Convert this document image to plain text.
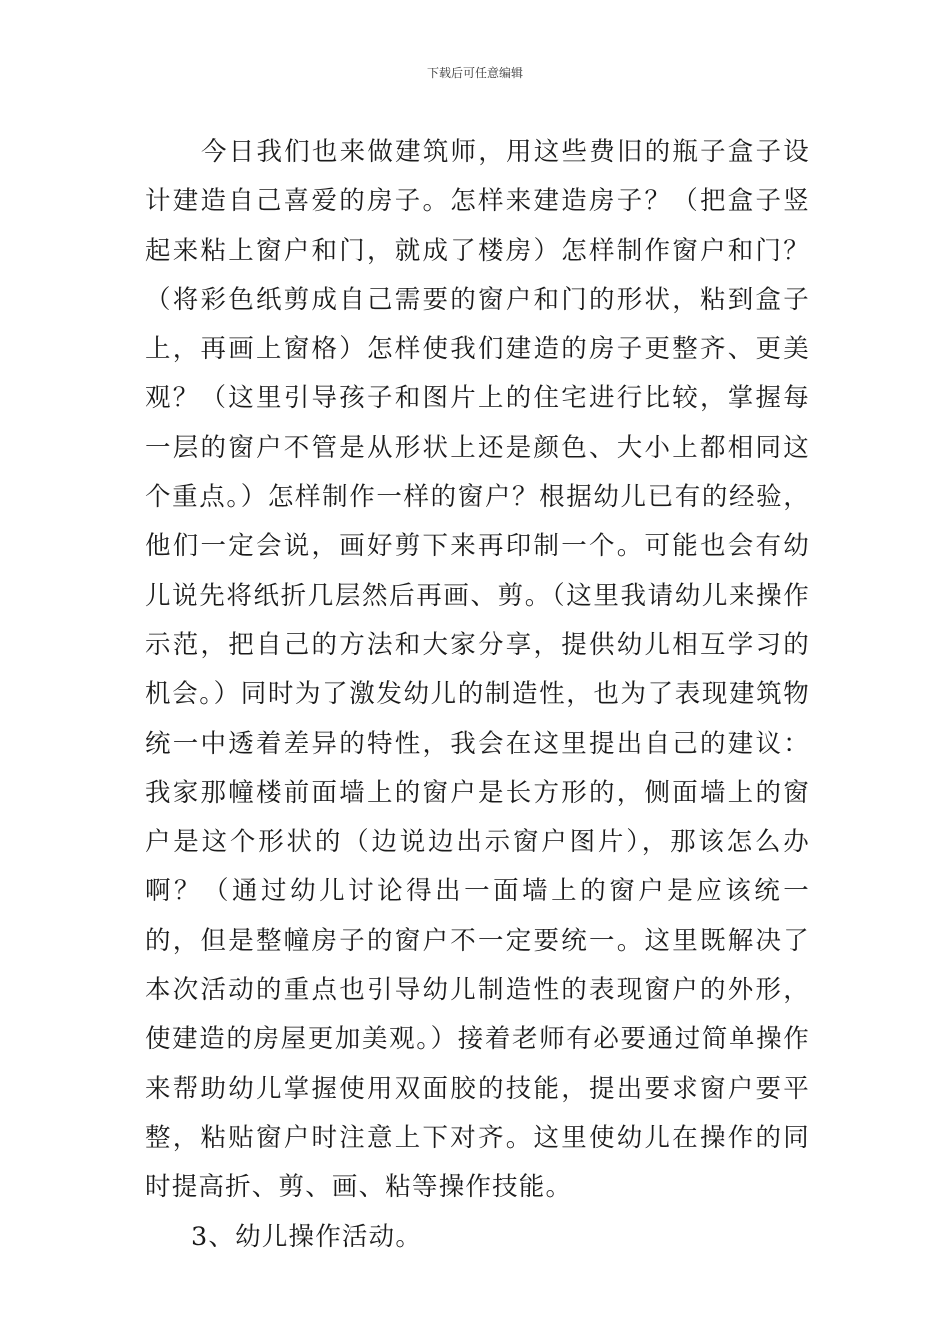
下载后可任意编辑

今日我们也来做建筑师，用这些费旧的瓶子盒子设计建造自己喜爱的房子。怎样来建造房子？（把盒子竖起来粘上窗户和门，就成了楼房）怎样制作窗户和门？（将彩色纸剪成自己需要的窗户和门的形状，粘到盒子上，再画上窗格）怎样使我们建造的房子更整齐、更美观？（这里引导孩子和图片上的住宅进行比较，掌握每一层的窗户不管是从形状上还是颜色、大小上都相同这个重点。）怎样制作一样的窗户？根据幼儿已有的经验，他们一定会说，画好剪下来再印制一个。可能也会有幼儿说先将纸折几层然后再画、剪。（这里我请幼儿来操作示范，把自己的方法和大家分享，提供幼儿相互学习的机会。）同时为了激发幼儿的制造性，也为了表现建筑物统一中透着差异的特性，我会在这里提出自己的建议：我家那幢楼前面墙上的窗户是长方形的，侧面墙上的窗户是这个形状的（边说边出示窗户图片），那该怎么办啊？（通过幼儿讨论得出一面墙上的窗户是应该统一的，但是整幢房子的窗户不一定要统一。这里既解决了本次活动的重点也引导幼儿制造性的表现窗户的外形，使建造的房屋更加美观。）接着老师有必要通过简单操作来帮助幼儿掌握使用双面胶的技能，提出要求窗户要平整，粘贴窗户时注意上下对齐。这里使幼儿在操作的同时提高折、剪、画、粘等操作技能。

3、幼儿操作活动。
